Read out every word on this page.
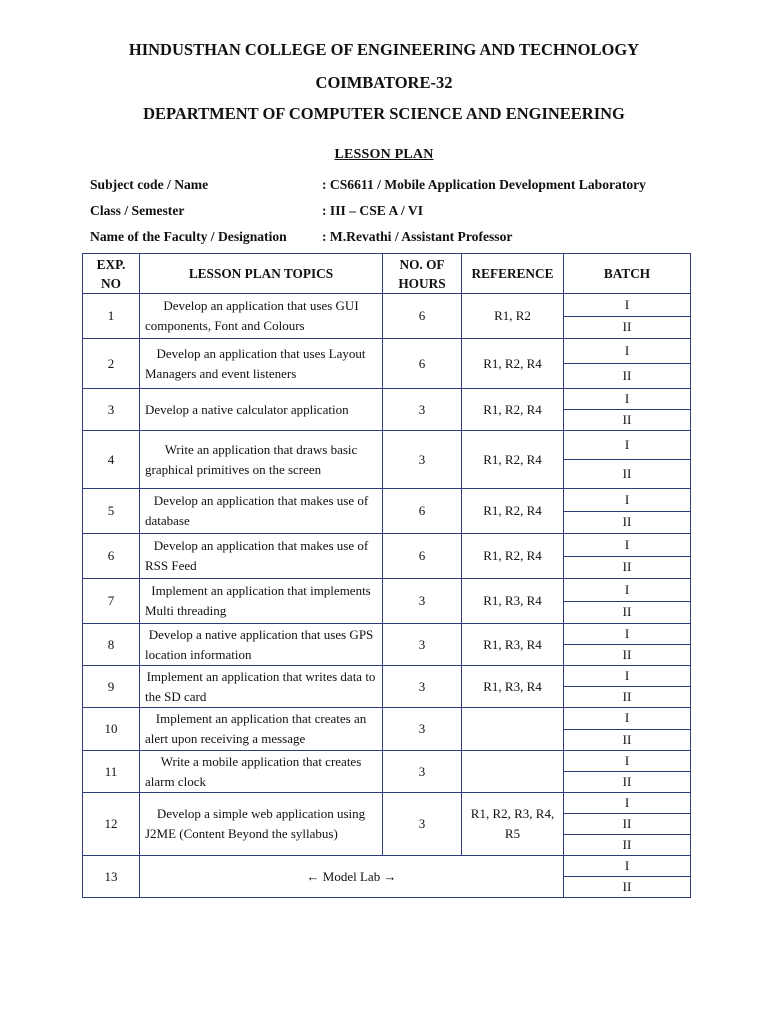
HINDUSTHAN COLLEGE OF ENGINEERING AND TECHNOLOGY
COIMBATORE-32
DEPARTMENT OF COMPUTER SCIENCE AND ENGINEERING
LESSON PLAN
Subject code / Name	: CS6611 / Mobile Application Development Laboratory
Class / Semester	: III – CSE A / VI
Name of the Faculty / Designation	: M.Revathi / Assistant Professor
EXP. NO	LESSON PLAN TOPICS	NO. OF HOURS	REFERENCE	BATCH
1	Develop an application that uses GUI components, Font and Colours	6	R1, R2	I
				II
2	Develop an application that uses Layout Managers and event listeners	6	R1, R2, R4	I
				II
3	Develop a native calculator application	3	R1, R2, R4	I
				II
4	Write an application that draws basic graphical primitives on the screen	3	R1, R2, R4	I
				II
5	Develop an application that makes use of database	6	R1, R2, R4	I
				II
6	Develop an application that makes use of RSS Feed	6	R1, R2, R4	I
				II
7	Implement an application that implements Multi threading	3	R1, R3, R4	I
				II
8	Develop a native application that uses GPS location information	3	R1, R3, R4	I
				II
9	Implement an application that writes data to the SD card	3	R1, R3, R4	I
				II
10	Implement an application that creates an alert upon receiving a message	3		I
				II
11	Write a mobile application that creates alarm clock	3		I
				II
12	Develop a simple web application using J2ME (Content Beyond the syllabus)	3	R1, R2, R3, R4, R5	I
				II
				II
13	← Model Lab →			I
				II
